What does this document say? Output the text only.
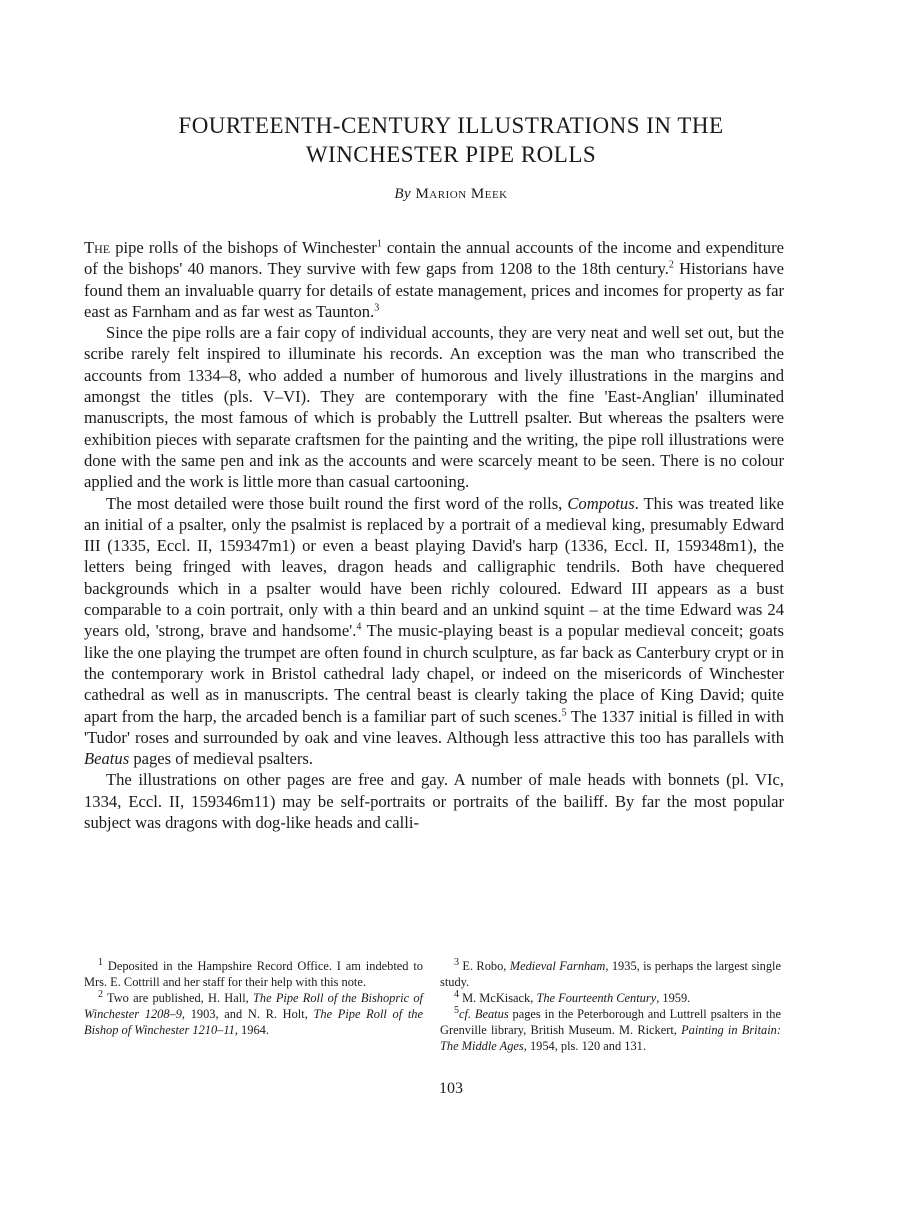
FOURTEENTH-CENTURY ILLUSTRATIONS IN THE
WINCHESTER PIPE ROLLS
By Marion Meek

The pipe rolls of the bishops of Winchester$^1$ contain the annual accounts of the income and expenditure of the bishops' 40 manors. They survive with few gaps from 1208 to the 18th century.$^2$ Historians have found them an invaluable quarry for details of estate management, prices and incomes for property as far east as Farnham and as far west as Taunton.$^3$

Since the pipe rolls are a fair copy of individual accounts, they are very neat and well set out, but the scribe rarely felt inspired to illuminate his records. An exception was the man who transcribed the accounts from 1334–8, who added a number of humorous and lively illustrations in the margins and amongst the titles (pls. V–VI). They are contemporary with the fine 'East-Anglian' illuminated manuscripts, the most famous of which is probably the Luttrell psalter. But whereas the psalters were exhibition pieces with separate craftsmen for the painting and the writing, the pipe roll illustrations were done with the same pen and ink as the accounts and were scarcely meant to be seen. There is no colour applied and the work is little more than casual cartooning.

The most detailed were those built round the first word of the rolls, Compotus. This was treated like an initial of a psalter, only the psalmist is replaced by a portrait of a medieval king, presumably Edward III (1335, Eccl. II, 159347m1) or even a beast playing David's harp (1336, Eccl. II, 159348m1), the letters being fringed with leaves, dragon heads and calligraphic tendrils. Both have chequered backgrounds which in a psalter would have been richly coloured. Edward III appears as a bust comparable to a coin portrait, only with a thin beard and an unkind squint – at the time Edward was 24 years old, 'strong, brave and handsome'.$^4$ The music-playing beast is a popular medieval conceit; goats like the one playing the trumpet are often found in church sculpture, as far back as Canterbury crypt or in the contemporary work in Bristol cathedral lady chapel, or indeed on the misericords of Winchester cathedral as well as in manuscripts. The central beast is clearly taking the place of King David; quite apart from the harp, the arcaded bench is a familiar part of such scenes.$^5$ The 1337 initial is filled in with 'Tudor' roses and surrounded by oak and vine leaves. Although less attractive this too has parallels with Beatus pages of medieval psalters.

The illustrations on other pages are free and gay. A number of male heads with bonnets (pl. VIc, 1334, Eccl. II, 159346m11) may be self-portraits or portraits of the bailiff. By far the most popular subject was dragons with dog-like heads and calli-

$^1$ Deposited in the Hampshire Record Office. I am indebted to Mrs. E. Cottrill and her staff for their help with this note.

$^2$ Two are published, H. Hall, The Pipe Roll of the Bishopric of Winchester 1208–9, 1903, and N. R. Holt, The Pipe Roll of the Bishop of Winchester 1210–11, 1964.

$^3$ E. Robo, Medieval Farnham, 1935, is perhaps the largest single study.

$^4$ M. McKisack, The Fourteenth Century, 1959.

$^5$cf. Beatus pages in the Peterborough and Luttrell psalters in the Grenville library, British Museum. M. Rickert, Painting in Britain: The Middle Ages, 1954, pls. 120 and 131.

103
